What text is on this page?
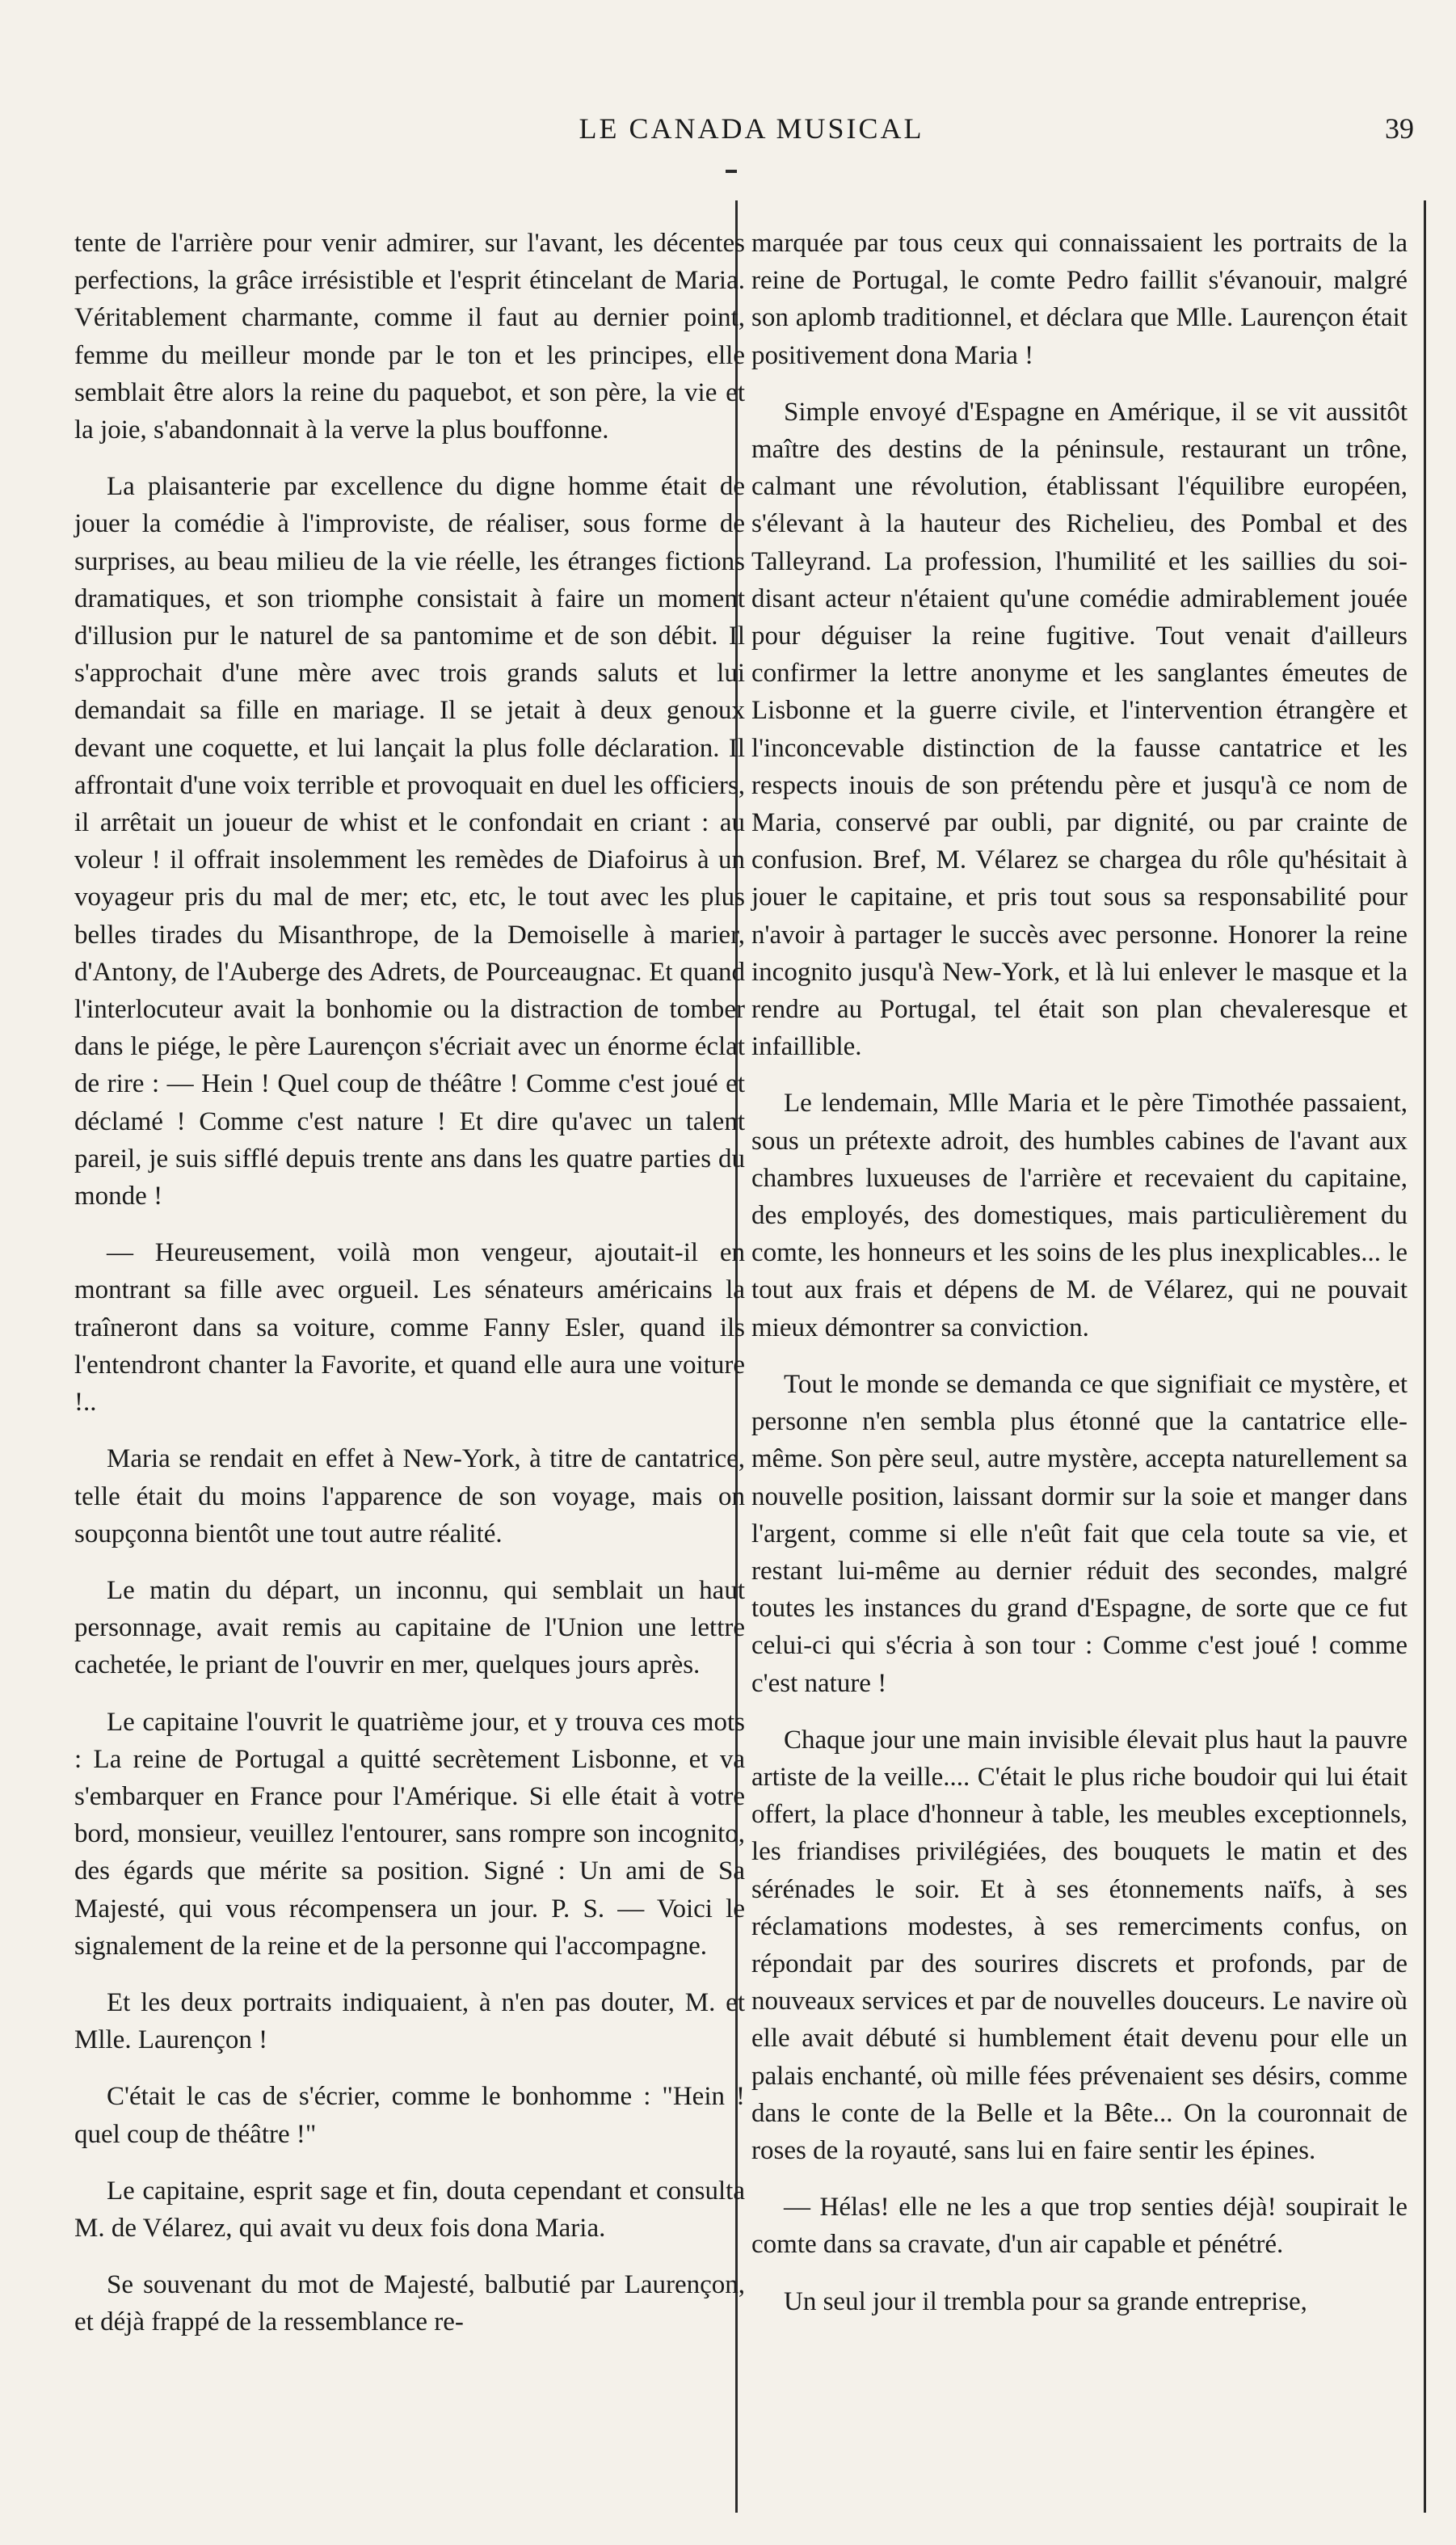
LE CANADA MUSICAL	39

tente de l'arrière pour venir admirer, sur l'avant, les décentes perfections, la grâce irrésistible et l'esprit étincelant de Maria. Véritablement charmante, comme il faut au dernier point, femme du meilleur monde par le ton et les principes, elle semblait être alors la reine du paquebot, et son père, la vie et la joie, s'abandonnait à la verve la plus bouffonne.

La plaisanterie par excellence du digne homme était de jouer la comédie à l'improviste, de réaliser, sous forme de surprises, au beau milieu de la vie réelle, les étranges fictions dramatiques, et son triomphe consistait à faire un moment d'illusion pur le naturel de sa pantomime et de son débit. Il s'approchait d'une mère avec trois grands saluts et lui demandait sa fille en mariage. Il se jetait à deux genoux devant une coquette, et lui lançait la plus folle déclaration. Il affrontait d'une voix terrible et provoquait en duel les officiers, il arrêtait un joueur de whist et le confondait en criant : au voleur ! il offrait insolemment les remèdes de Diafoirus à un voyageur pris du mal de mer; etc, etc, le tout avec les plus belles tirades du Misanthrope, de la Demoiselle à marier, d'Antony, de l'Auberge des Adrets, de Pourceaugnac. Et quand l'interlocuteur avait la bonhomie ou la distraction de tomber dans le piége, le père Laurençon s'écriait avec un énorme éclat de rire : — Hein ! Quel coup de théâtre ! Comme c'est joué et déclamé ! Comme c'est nature ! Et dire qu'avec un talent pareil, je suis sifflé depuis trente ans dans les quatre parties du monde !

— Heureusement, voilà mon vengeur, ajoutait-il en montrant sa fille avec orgueil. Les sénateurs américains la traîneront dans sa voiture, comme Fanny Esler, quand ils l'entendront chanter la Favorite, et quand elle aura une voiture !..

Maria se rendait en effet à New-York, à titre de cantatrice, telle était du moins l'apparence de son voyage, mais on soupçonna bientôt une tout autre réalité.

Le matin du départ, un inconnu, qui semblait un haut personnage, avait remis au capitaine de l'Union une lettre cachetée, le priant de l'ouvrir en mer, quelques jours après.

Le capitaine l'ouvrit le quatrième jour, et y trouva ces mots : La reine de Portugal a quitté secrètement Lisbonne, et va s'embarquer en France pour l'Amérique. Si elle était à votre bord, monsieur, veuillez l'entourer, sans rompre son incognito, des égards que mérite sa position. Signé : Un ami de Sa Majesté, qui vous récompensera un jour. P. S. — Voici le signalement de la reine et de la personne qui l'accompagne.

Et les deux portraits indiquaient, à n'en pas douter, M. et Mlle. Laurençon !

C'était le cas de s'écrier, comme le bonhomme : "Hein ! quel coup de théâtre !"

Le capitaine, esprit sage et fin, douta cependant et consulta M. de Vélarez, qui avait vu deux fois dona Maria.

Se souvenant du mot de Majesté, balbutié par Laurençon, et déjà frappé de la ressemblance re-

marquée par tous ceux qui connaissaient les portraits de la reine de Portugal, le comte Pedro faillit s'évanouir, malgré son aplomb traditionnel, et déclara que Mlle. Laurençon était positivement dona Maria !

Simple envoyé d'Espagne en Amérique, il se vit aussitôt maître des destins de la péninsule, restaurant un trône, calmant une révolution, établissant l'équilibre européen, s'élevant à la hauteur des Richelieu, des Pombal et des Talleyrand. La profession, l'humilité et les saillies du soi-disant acteur n'étaient qu'une comédie admirablement jouée pour déguiser la reine fugitive. Tout venait d'ailleurs confirmer la lettre anonyme et les sanglantes émeutes de Lisbonne et la guerre civile, et l'intervention étrangère et l'inconcevable distinction de la fausse cantatrice et les respects inouis de son prétendu père et jusqu'à ce nom de Maria, conservé par oubli, par dignité, ou par crainte de confusion. Bref, M. Vélarez se chargea du rôle qu'hésitait à jouer le capitaine, et pris tout sous sa responsabilité pour n'avoir à partager le succès avec personne. Honorer la reine incognito jusqu'à New-York, et là lui enlever le masque et la rendre au Portugal, tel était son plan chevaleresque et infaillible.

Le lendemain, Mlle Maria et le père Timothée passaient, sous un prétexte adroit, des humbles cabines de l'avant aux chambres luxueuses de l'arrière et recevaient du capitaine, des employés, des domestiques, mais particulièrement du comte, les honneurs et les soins de les plus inexplicables... le tout aux frais et dépens de M. de Vélarez, qui ne pouvait mieux démontrer sa conviction.

Tout le monde se demanda ce que signifiait ce mystère, et personne n'en sembla plus étonné que la cantatrice elle-même. Son père seul, autre mystère, accepta naturellement sa nouvelle position, laissant dormir sur la soie et manger dans l'argent, comme si elle n'eût fait que cela toute sa vie, et restant lui-même au dernier réduit des secondes, malgré toutes les instances du grand d'Espagne, de sorte que ce fut celui-ci qui s'écria à son tour : Comme c'est joué ! comme c'est nature !

Chaque jour une main invisible élevait plus haut la pauvre artiste de la veille.... C'était le plus riche boudoir qui lui était offert, la place d'honneur à table, les meubles exceptionnels, les friandises privilégiées, des bouquets le matin et des sérénades le soir. Et à ses étonnements naïfs, à ses réclamations modestes, à ses remerciments confus, on répondait par des sourires discrets et profonds, par de nouveaux services et par de nouvelles douceurs. Le navire où elle avait débuté si humblement était devenu pour elle un palais enchanté, où mille fées prévenaient ses désirs, comme dans le conte de la Belle et la Bête... On la couronnait de roses de la royauté, sans lui en faire sentir les épines.

— Hélas! elle ne les a que trop senties déjà! soupirait le comte dans sa cravate, d'un air capable et pénétré.

Un seul jour il trembla pour sa grande entreprise,
